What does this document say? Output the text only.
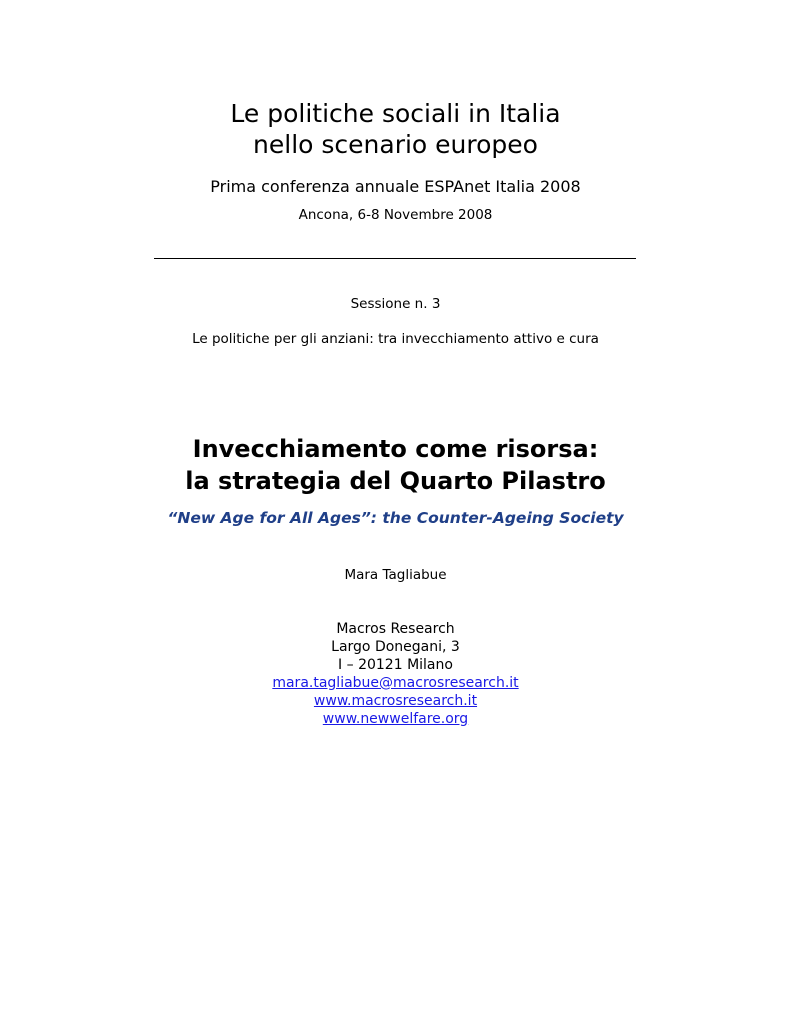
Le politiche sociali in Italia
nello scenario europeo
Prima conferenza annuale ESPAnet Italia 2008
Ancona, 6-8 Novembre 2008
Sessione n. 3
Le politiche per gli anziani: tra invecchiamento attivo e cura
Invecchiamento come risorsa:
la strategia del Quarto Pilastro
“New Age for All Ages”: the Counter-Ageing Society
Mara Tagliabue
Macros Research
Largo Donegani, 3
I – 20121 Milano
mara.tagliabue@macrosresearch.it
www.macrosresearch.it
www.newwelfare.org
